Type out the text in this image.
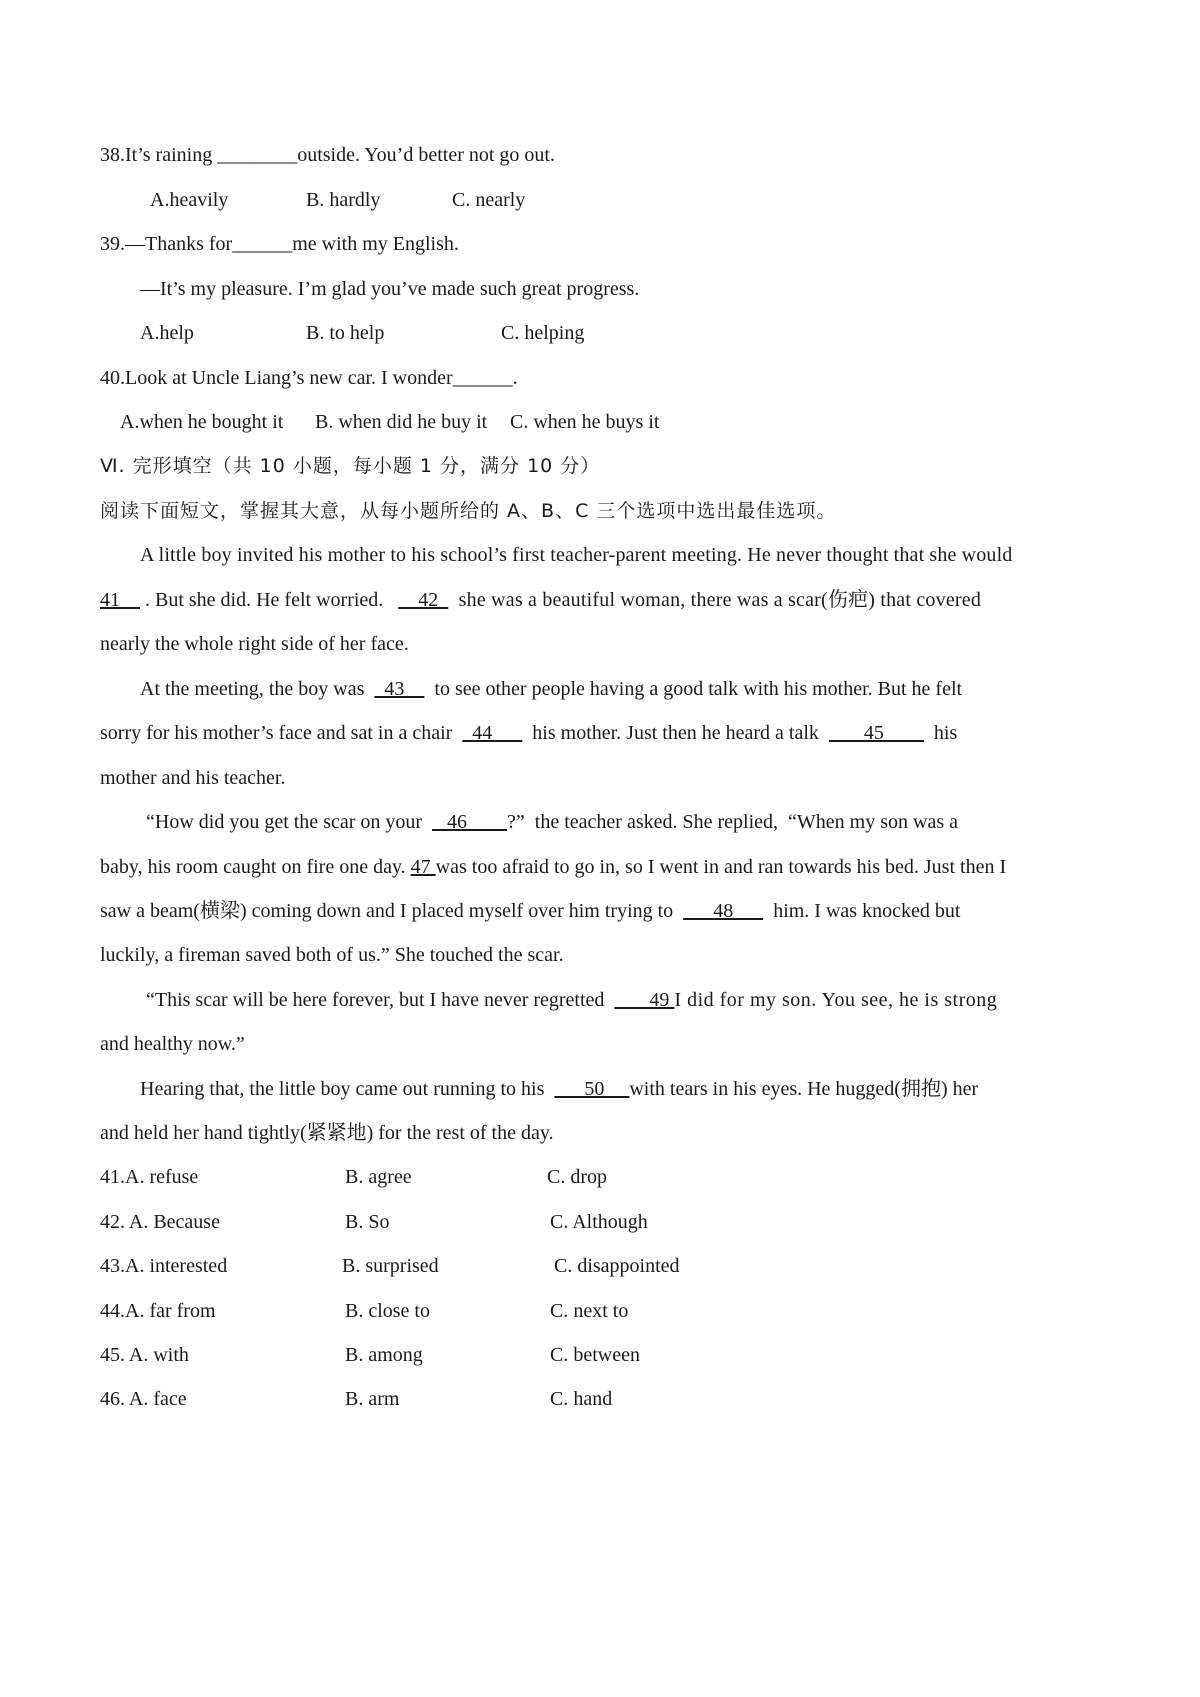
38.It’s raining ________outside. You’d better not go out.
A.heavily	B. hardly	C. nearly
39.—Thanks for______me with my English.
—It’s my pleasure. I’m glad you’ve made such great progress.
A.help	B. to help	C. helping
40.Look at Uncle Liang’s new car. I wonder______.
A.when he bought it B. when did he buy it C. when he buys it
Ⅵ. 完形填空（共 10 小题，每小题 1 分，满分 10 分）
阅读下面短文，掌握其大意，从每小题所给的 A、B、C 三个选项中选出最佳选项。
A little boy invited his mother to his school’s first teacher-parent meeting. He never thought that she would
41     . But she did. He felt worried.       42    she was a beautiful woman, there was a scar(伤疤) that covered
nearly the whole right side of her face.
At the meeting, the boy was    43      to see other people having a good talk with his mother. But he felt
sorry for his mother’s face and sat in a chair    44        his mother. Just then he heard a talk         45          his
mother and his teacher.
“How did you get the scar on your     46        ?”  the teacher asked. She replied,  “When my son was a
baby, his room caught on fire one day. 47 was too afraid to go in, so I went in and ran towards his bed. Just then I
saw a beam(横梁) coming down and I placed myself over him trying to        48        him. I was knocked but
luckily, a fireman saved both of us.” She touched the scar.
“This scar will be here forever, but I have never regretted         49 I did for my son. You see, he is strong
and healthy now.”
Hearing that, the little boy came out running to his        50     with tears in his eyes. He hugged(拥抱) her
and held her hand tightly(紧紧地) for the rest of the day.
41.A. refuse	B. agree	C. drop
42. A. Because	B. So	C. Although
43.A. interested	B. surprised	C. disappointed
44.A. far from	B. close to	C. next to
45. A. with	B. among	C. between
46. A. face	B. arm	C. hand
